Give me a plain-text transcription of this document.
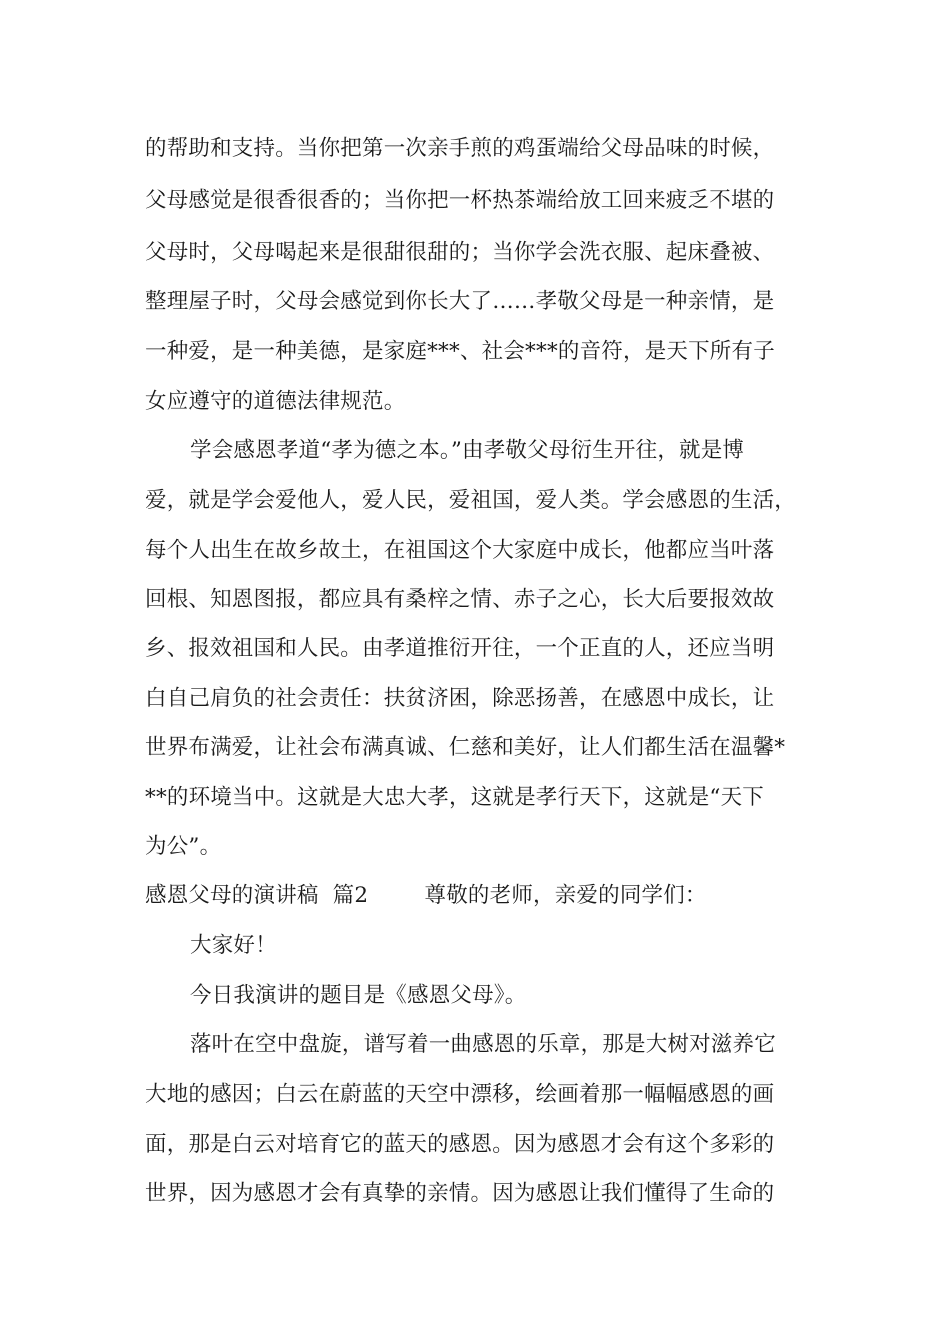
的帮助和支持。当你把第一次亲手煎的鸡蛋端给父母品味的时候，
父母感觉是很香很香的；当你把一杯热茶端给放工回来疲乏不堪的
父母时，父母喝起来是很甜很甜的；当你学会洗衣服、起床叠被、
整理屋子时，父母会感觉到你长大了……孝敬父母是一种亲情，是
一种爱，是一种美德，是家庭***、社会***的音符，是天下所有子
女应遵守的道德法律规范。
学会感恩孝道“孝为德之本。”由孝敬父母衍生开往，就是博
爱，就是学会爱他人，爱人民，爱祖国，爱人类。学会感恩的生活，
每个人出生在故乡故土，在祖国这个大家庭中成长，他都应当叶落
回根、知恩图报，都应具有桑梓之情、赤子之心，长大后要报效故
乡、报效祖国和人民。由孝道推衍开往，一个正直的人，还应当明
白自己肩负的社会责任：扶贫济困，除恶扬善，在感恩中成长，让
世界布满爱，让社会布满真诚、仁慈和美好，让人们都生活在温馨*
**的环境当中。这就是大忠大孝，这就是孝行天下，这就是“天下
为公”。
感恩父母的演讲稿  篇2        尊敬的老师，亲爱的同学们：
大家好！
今日我演讲的题目是《感恩父母》。
落叶在空中盘旋，谱写着一曲感恩的乐章，那是大树对滋养它
大地的感因；白云在蔚蓝的天空中漂移，绘画着那一幅幅感恩的画
面，那是白云对培育它的蓝天的感恩。因为感恩才会有这个多彩的
世界，因为感恩才会有真挚的亲情。因为感恩让我们懂得了生命的
